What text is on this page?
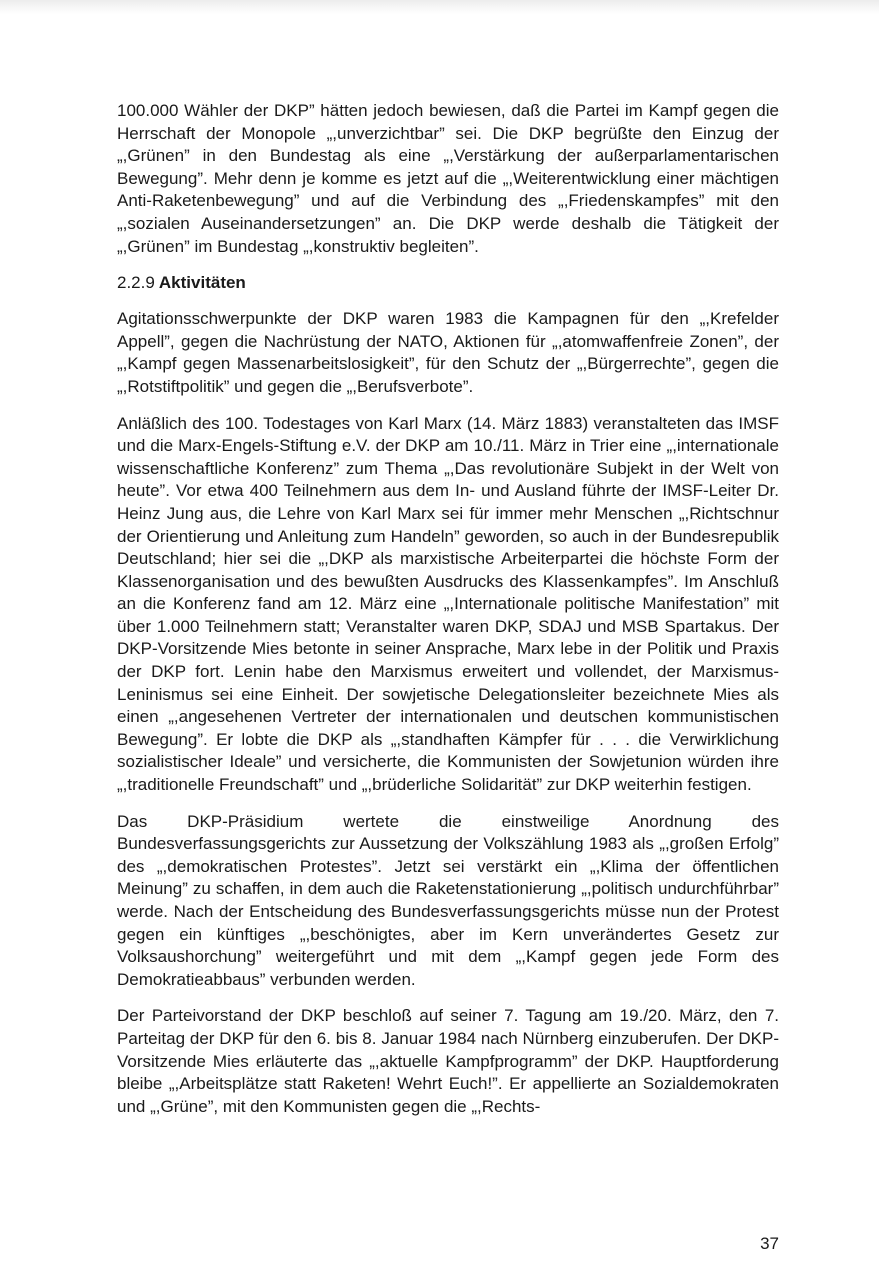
100.000 Wähler der DKP” hätten jedoch bewiesen, daß die Partei im Kampf gegen die Herrschaft der Monopole „,unverzichtbar” sei. Die DKP begrüßte den Einzug der „,Grünen” in den Bundestag als eine „,Verstärkung der außerparlamentarischen Bewegung”. Mehr denn je komme es jetzt auf die „,Weiterentwicklung einer mächtigen Anti-Raketenbewegung” und auf die Verbindung des „,Friedenskampfes” mit den „,sozialen Auseinandersetzungen” an. Die DKP werde deshalb die Tätigkeit der „,Grünen” im Bundestag „,konstruktiv begleiten”.

2.2.9 Aktivitäten

Agitationsschwerpunkte der DKP waren 1983 die Kampagnen für den „,Krefelder Appell”, gegen die Nachrüstung der NATO, Aktionen für „,atomwaffenfreie Zonen”, der „,Kampf gegen Massenarbeitslosigkeit”, für den Schutz der „,Bürgerrechte”, gegen die „,Rotstiftpolitik” und gegen die „,Berufsverbote”.

Anläßlich des 100. Todestages von Karl Marx (14. März 1883) veranstalteten das IMSF und die Marx-Engels-Stiftung e.V. der DKP am 10./11. März in Trier eine „,internationale wissenschaftliche Konferenz” zum Thema „,Das revolutionäre Subjekt in der Welt von heute”. Vor etwa 400 Teilnehmern aus dem In- und Ausland führte der IMSF-Leiter Dr. Heinz Jung aus, die Lehre von Karl Marx sei für immer mehr Menschen „,Richtschnur der Orientierung und Anleitung zum Handeln” geworden, so auch in der Bundesrepublik Deutschland; hier sei die „,DKP als marxistische Arbeiterpartei die höchste Form der Klassenorganisation und des bewußten Ausdrucks des Klassenkampfes”. Im Anschluß an die Konferenz fand am 12. März eine „,Internationale politische Manifestation” mit über 1.000 Teilnehmern statt; Veranstalter waren DKP, SDAJ und MSB Spartakus. Der DKP-Vorsitzende Mies betonte in seiner Ansprache, Marx lebe in der Politik und Praxis der DKP fort. Lenin habe den Marxismus erweitert und vollendet, der Marxismus-Leninismus sei eine Einheit. Der sowjetische Delegationsleiter bezeichnete Mies als einen „,angesehenen Vertreter der internationalen und deutschen kommunistischen Bewegung”. Er lobte die DKP als „,standhaften Kämpfer für . . . die Verwirklichung sozialistischer Ideale” und versicherte, die Kommunisten der Sowjetunion würden ihre „,traditionelle Freundschaft” und „,brüderliche Solidarität” zur DKP weiterhin festigen.

Das DKP-Präsidium wertete die einstweilige Anordnung des Bundesverfassungsgerichts zur Aussetzung der Volkszählung 1983 als „,großen Erfolg” des „,demokratischen Protestes”. Jetzt sei verstärkt ein „,Klima der öffentlichen Meinung” zu schaffen, in dem auch die Raketenstationierung „,politisch undurchführbar” werde. Nach der Entscheidung des Bundesverfassungsgerichts müsse nun der Protest gegen ein künftiges „,beschönigtes, aber im Kern unverändertes Gesetz zur Volksaushorchung” weitergeführt und mit dem „,Kampf gegen jede Form des Demokratieabbaus” verbunden werden.

Der Parteivorstand der DKP beschloß auf seiner 7. Tagung am 19./20. März, den 7. Parteitag der DKP für den 6. bis 8. Januar 1984 nach Nürnberg einzuberufen. Der DKP-Vorsitzende Mies erläuterte das „,aktuelle Kampfprogramm” der DKP. Hauptforderung bleibe „,Arbeitsplätze statt Raketen! Wehrt Euch!”. Er appellierte an Sozialdemokraten und „,Grüne”, mit den Kommunisten gegen die „,Rechts-

37
